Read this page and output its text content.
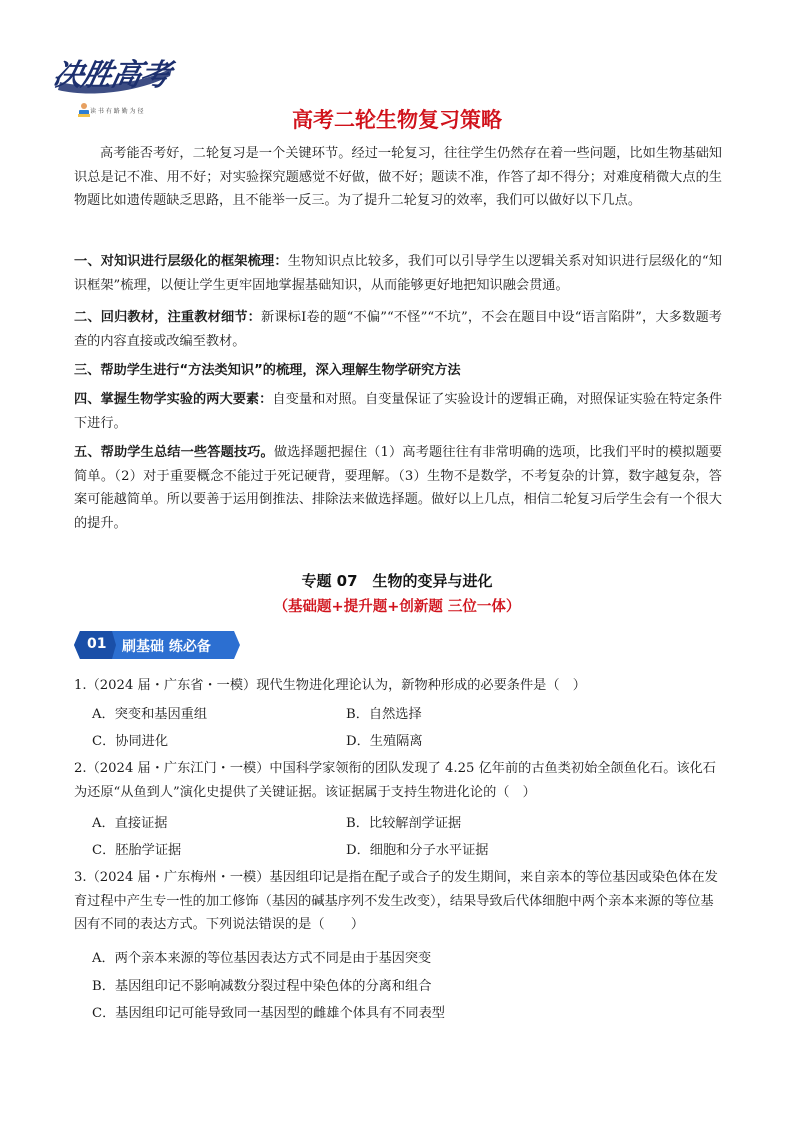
决胜高考
读 书 有 路 勤 为 径	高考二轮生物复习策略
高考能否考好，二轮复习是一个关键环节。经过一轮复习，往往学生仍然存在着一些问题，比如生物基础知识总是记不准、用不好；对实验探究题感觉不好做，做不好；题读不准，作答了却不得分；对难度稍微大点的生物题比如遗传题缺乏思路，且不能举一反三。为了提升二轮复习的效率，我们可以做好以下几点。
一、对知识进行层级化的框架梳理：生物知识点比较多，我们可以引导学生以逻辑关系对知识进行层级化的“知识框架”梳理，以便让学生更牢固地掌握基础知识，从而能够更好地把知识融会贯通。
二、回归教材，注重教材细节：新课标Ⅰ卷的题“不偏”“不怪”“不坑”，不会在题目中设“语言陷阱”，大多数题考查的内容直接或改编至教材。
三、帮助学生进行“方法类知识”的梳理，深入理解生物学研究方法
四、掌握生物学实验的两大要素：自变量和对照。自变量保证了实验设计的逻辑正确，对照保证实验在特定条件下进行。
五、帮助学生总结一些答题技巧。做选择题把握住（1）高考题往往有非常明确的选项，比我们平时的模拟题要简单。（2）对于重要概念不能过于死记硬背，要理解。（3）生物不是数学，不考复杂的计算，数字越复杂，答案可能越简单。所以要善于运用倒推法、排除法来做选择题。做好以上几点，相信二轮复习后学生会有一个很大的提升。
专题 07　生物的变异与进化
（基础题+提升题+创新题 三位一体）
01 刷基础 练必备
1.（2024 届・广东省・一模）现代生物进化理论认为，新物种形成的必要条件是（　）
A．突变和基因重组	B．自然选择
C．协同进化	D．生殖隔离
2.（2024 届・广东江门・一模）中国科学家领衔的团队发现了 4.25 亿年前的古鱼类初始全颌鱼化石。该化石为还原“从鱼到人”演化史提供了关键证据。该证据属于支持生物进化论的（　）
A．直接证据	B．比较解剖学证据
C．胚胎学证据	D．细胞和分子水平证据
3.（2024 届・广东梅州・一模）基因组印记是指在配子或合子的发生期间，来自亲本的等位基因或染色体在发育过程中产生专一性的加工修饰（基因的碱基序列不发生改变），结果导致后代体细胞中两个亲本来源的等位基因有不同的表达方式。下列说法错误的是（　　）
A．两个亲本来源的等位基因表达方式不同是由于基因突变
B．基因组印记不影响减数分裂过程中染色体的分离和组合
C．基因组印记可能导致同一基因型的雌雄个体具有不同表型
